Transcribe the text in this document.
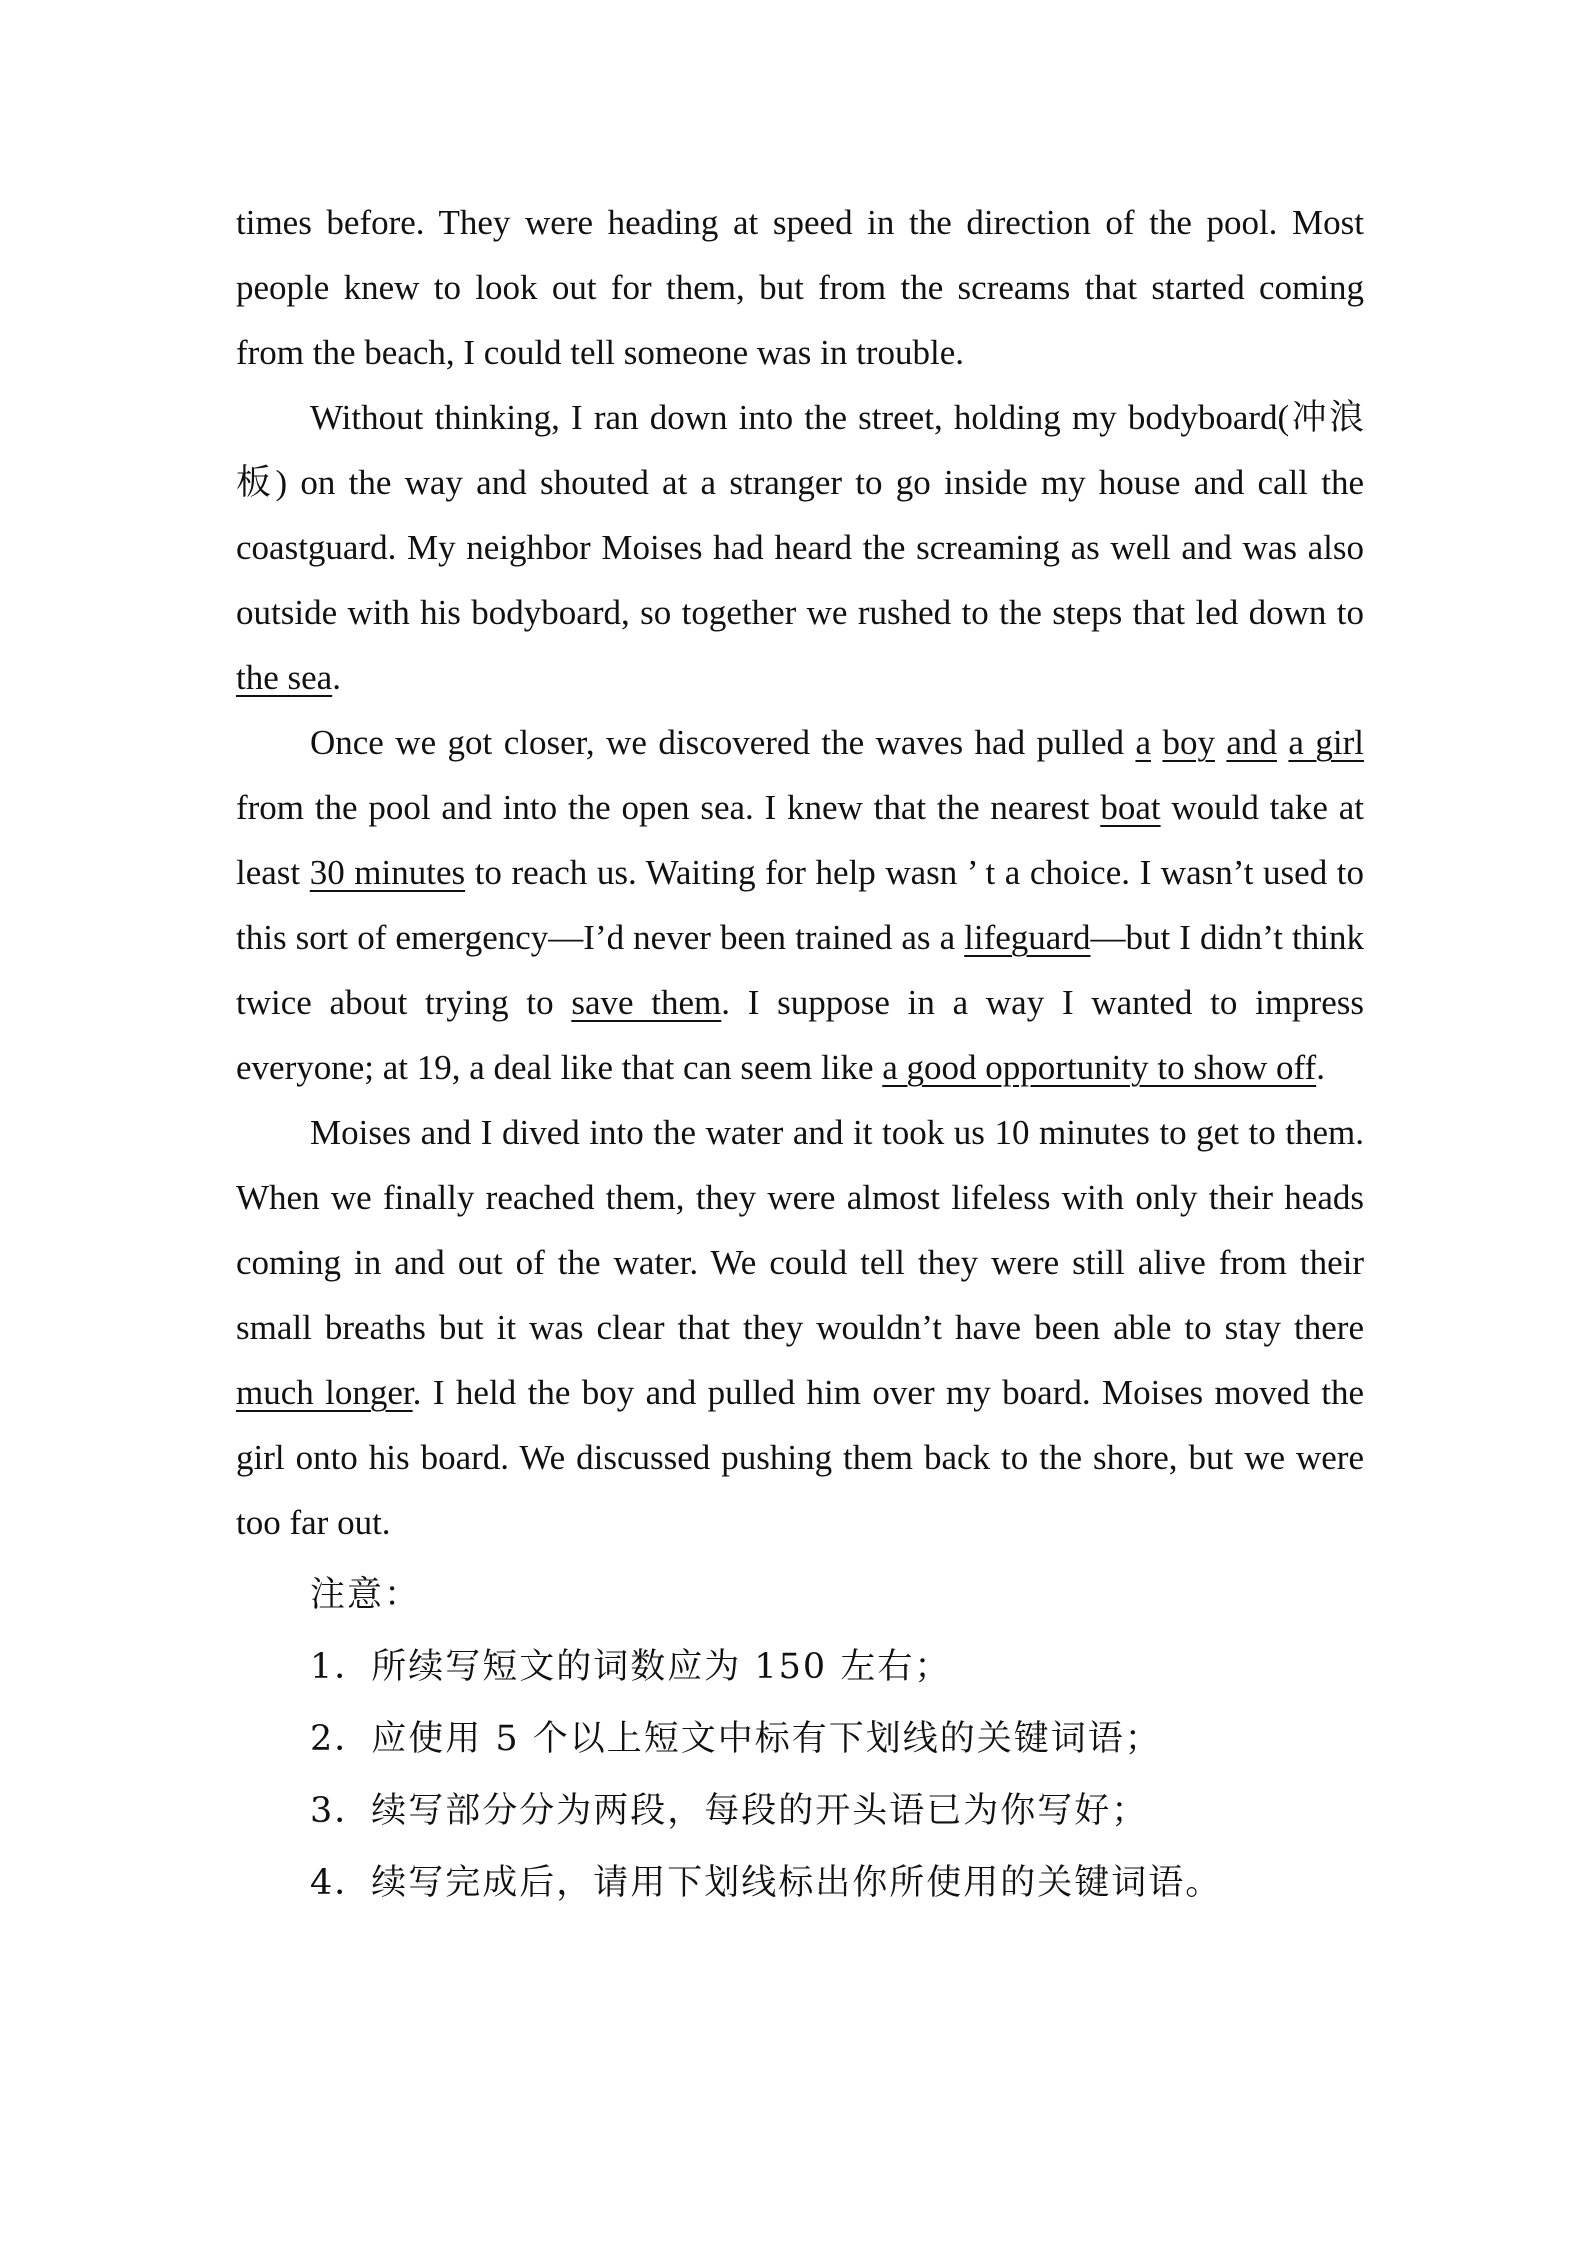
times before. They were heading at speed in the direction of the pool. Most people knew to look out for them, but from the screams that started coming from the beach, I could tell someone was in trouble.

Without thinking, I ran down into the street, holding my bodyboard(冲浪板) on the way and shouted at a stranger to go inside my house and call the coastguard. My neighbor Moises had heard the screaming as well and was also outside with his bodyboard, so together we rushed to the steps that led down to the sea.

Once we got closer, we discovered the waves had pulled a boy and a girl from the pool and into the open sea. I knew that the nearest boat would take at least 30 minutes to reach us. Waiting for help wasn ’ t a choice. I wasn’t used to this sort of emergency—I’d never been trained as a lifeguard—but I didn’t think twice about trying to save them. I suppose in a way I wanted to impress everyone; at 19, a deal like that can seem like a good opportunity to show off.

Moises and I dived into the water and it took us 10 minutes to get to them. When we finally reached them, they were almost lifeless with only their heads coming in and out of the water. We could tell they were still alive from their small breaths but it was clear that they wouldn’t have been able to stay there much longer. I held the boy and pulled him over my board. Moises moved the girl onto his board. We discussed pushing them back to the shore, but we were too far out.

注意：

1．所续写短文的词数应为 150 左右；

2．应使用 5 个以上短文中标有下划线的关键词语；

3．续写部分分为两段，每段的开头语已为你写好；

4．续写完成后，请用下划线标出你所使用的关键词语。
